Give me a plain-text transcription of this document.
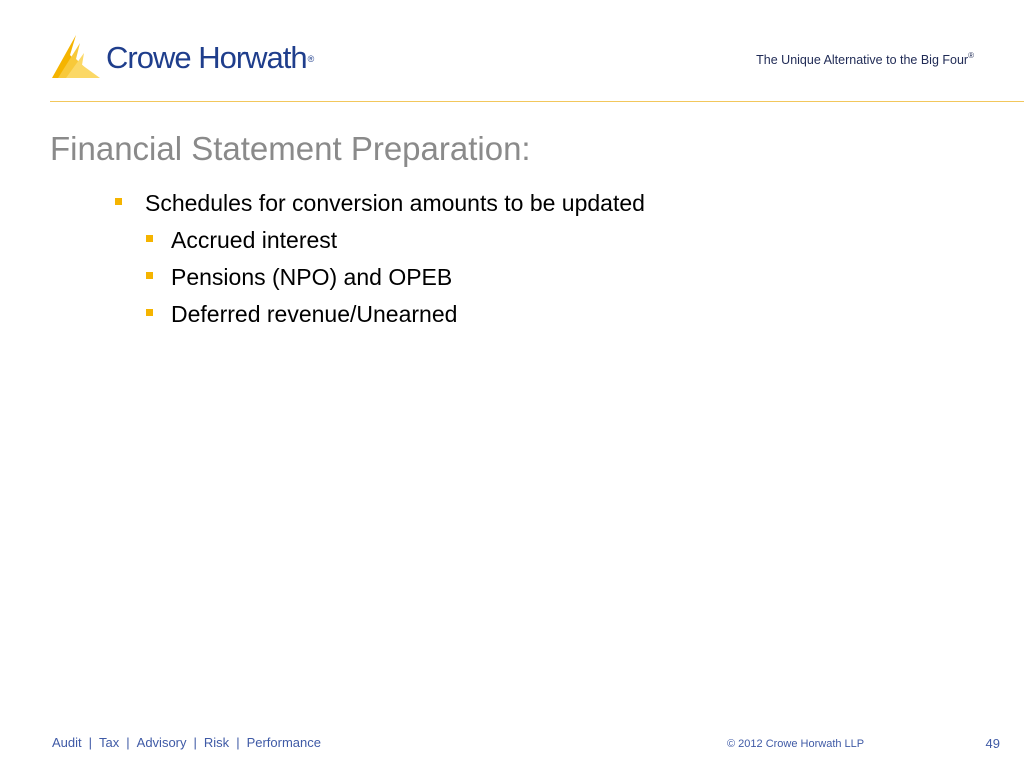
Crowe Horwath®	The Unique Alternative to the Big Four®
Financial Statement Preparation:
Schedules for conversion amounts to be updated
Accrued interest
Pensions (NPO) and OPEB
Deferred revenue/Unearned
Audit | Tax | Advisory | Risk | Performance	© 2012 Crowe Horwath LLP	49
